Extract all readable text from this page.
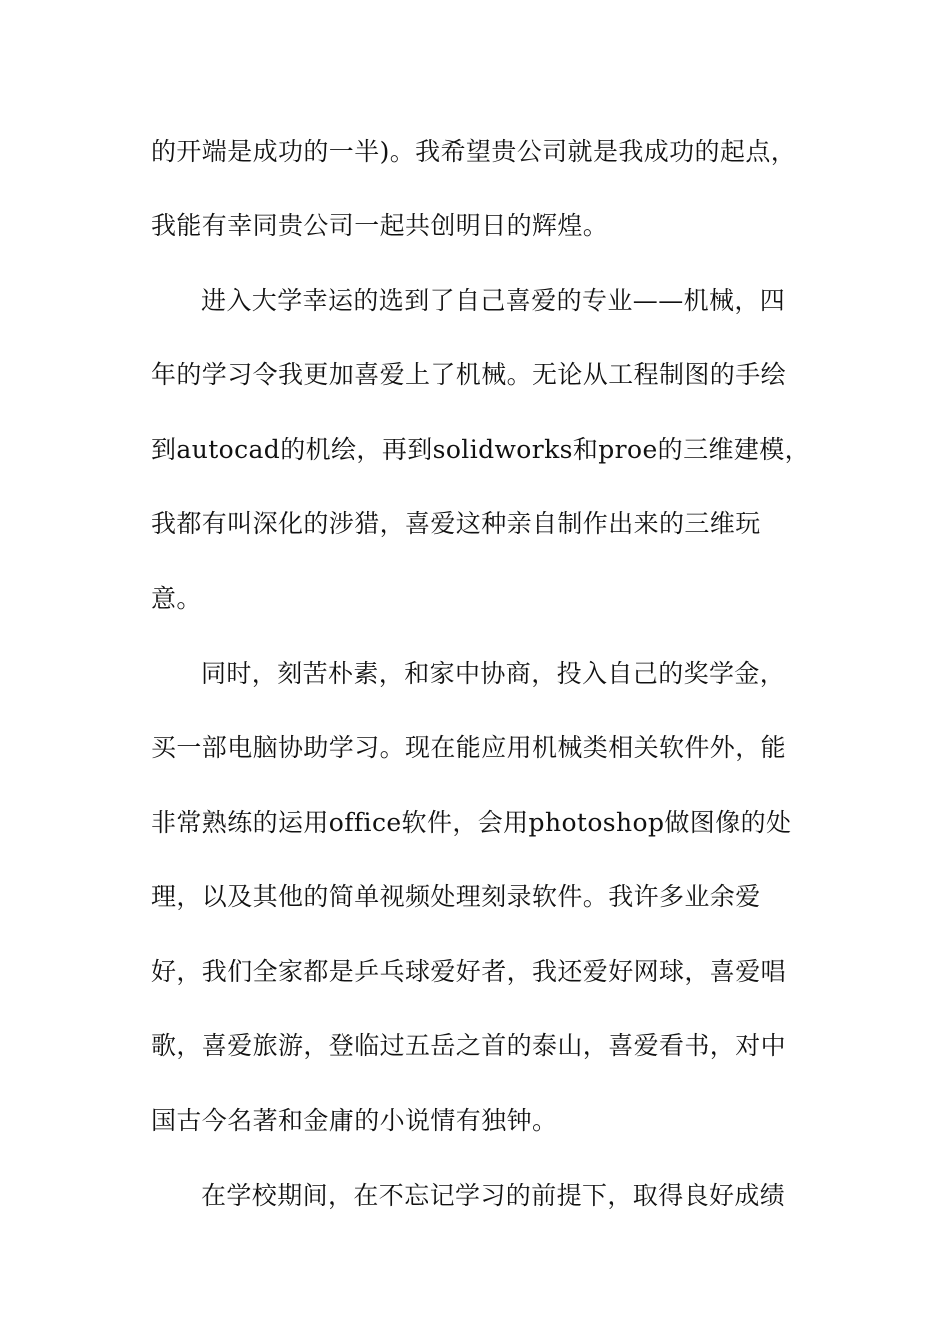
的开端是成功的一半)。我希望贵公司就是我成功的起点，
我能有幸同贵公司一起共创明日的辉煌。
进入大学幸运的选到了自己喜爱的专业——机械，四
年的学习令我更加喜爱上了机械。无论从工程制图的手绘
到autocad的机绘，再到solidworks和proe的三维建模，
我都有叫深化的涉猎，喜爱这种亲自制作出来的三维玩
意。
同时，刻苦朴素，和家中协商，投入自己的奖学金，
买一部电脑协助学习。现在能应用机械类相关软件外，能
非常熟练的运用office软件，会用photoshop做图像的处
理，以及其他的简单视频处理刻录软件。我许多业余爱
好，我们全家都是乒乓球爱好者，我还爱好网球，喜爱唱
歌，喜爱旅游，登临过五岳之首的泰山，喜爱看书，对中
国古今名著和金庸的小说情有独钟。
在学校期间，在不忘记学习的前提下，取得良好成绩
